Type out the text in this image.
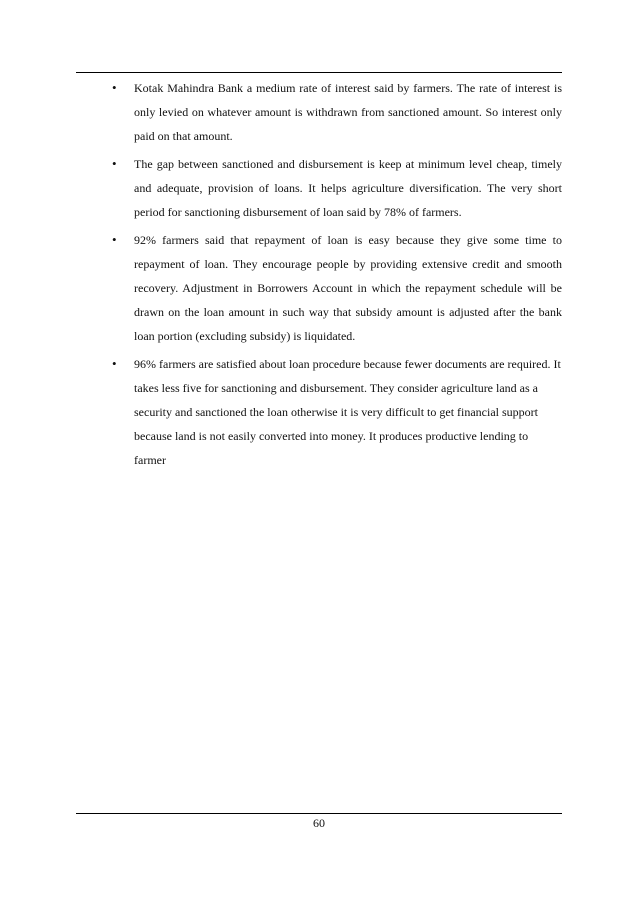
•	Kotak Mahindra Bank a medium rate of interest said by farmers. The rate of interest is only levied on whatever amount is withdrawn from sanctioned amount. So interest only paid on that amount.
•	The gap between sanctioned and disbursement is keep at minimum level cheap, timely and adequate, provision of loans. It helps agriculture diversification. The very short period for sanctioning disbursement of loan said by 78% of farmers.
•	92% farmers said that repayment of loan is easy because they give some time to repayment of loan. They encourage people by providing extensive credit and smooth recovery. Adjustment in Borrowers Account in which the repayment schedule will be drawn on the loan amount in such way that subsidy amount is adjusted after the bank loan portion (excluding subsidy) is liquidated.
•	96% farmers are satisfied about loan procedure because fewer documents are required. It takes less five for sanctioning and disbursement. They consider agriculture land as a security and sanctioned the loan otherwise it is very difficult to get financial support because land is not easily converted into money. It produces productive lending to farmer
60
